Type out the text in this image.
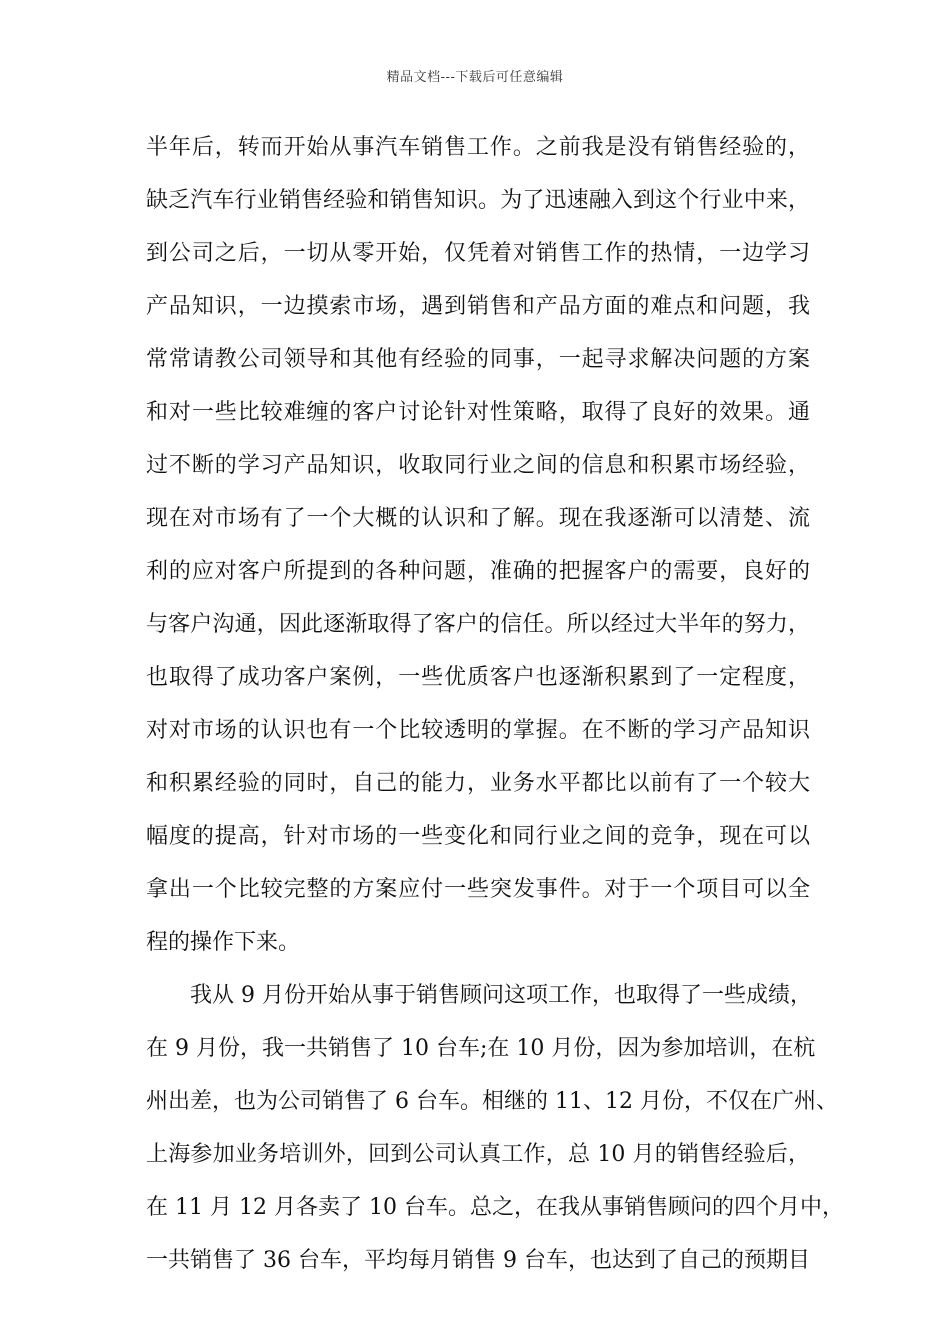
精品文档---下载后可任意编辑
半年后，转而开始从事汽车销售工作。之前我是没有销售经验的，
缺乏汽车行业销售经验和销售知识。为了迅速融入到这个行业中来，
到公司之后，一切从零开始，仅凭着对销售工作的热情，一边学习
产品知识，一边摸索市场，遇到销售和产品方面的难点和问题，我
常常请教公司领导和其他有经验的同事，一起寻求解决问题的方案
和对一些比较难缠的客户讨论针对性策略，取得了良好的效果。通
过不断的学习产品知识，收取同行业之间的信息和积累市场经验，
现在对市场有了一个大概的认识和了解。现在我逐渐可以清楚、流
利的应对客户所提到的各种问题，准确的把握客户的需要，良好的
与客户沟通，因此逐渐取得了客户的信任。所以经过大半年的努力，
也取得了成功客户案例，一些优质客户也逐渐积累到了一定程度，
对对市场的认识也有一个比较透明的掌握。在不断的学习产品知识
和积累经验的同时，自己的能力，业务水平都比以前有了一个较大
幅度的提高，针对市场的一些变化和同行业之间的竞争，现在可以
拿出一个比较完整的方案应付一些突发事件。对于一个项目可以全
程的操作下来。
我从 9 月份开始从事于销售顾问这项工作，也取得了一些成绩，
在 9 月份，我一共销售了 10 台车;在 10 月份，因为参加培训，在杭
州出差，也为公司销售了 6 台车。相继的 11、12 月份，不仅在广州、
上海参加业务培训外，回到公司认真工作，总 10 月的销售经验后，
在 11 月 12 月各卖了 10 台车。总之，在我从事销售顾问的四个月中，
一共销售了 36 台车，平均每月销售 9 台车，也达到了自己的预期目
